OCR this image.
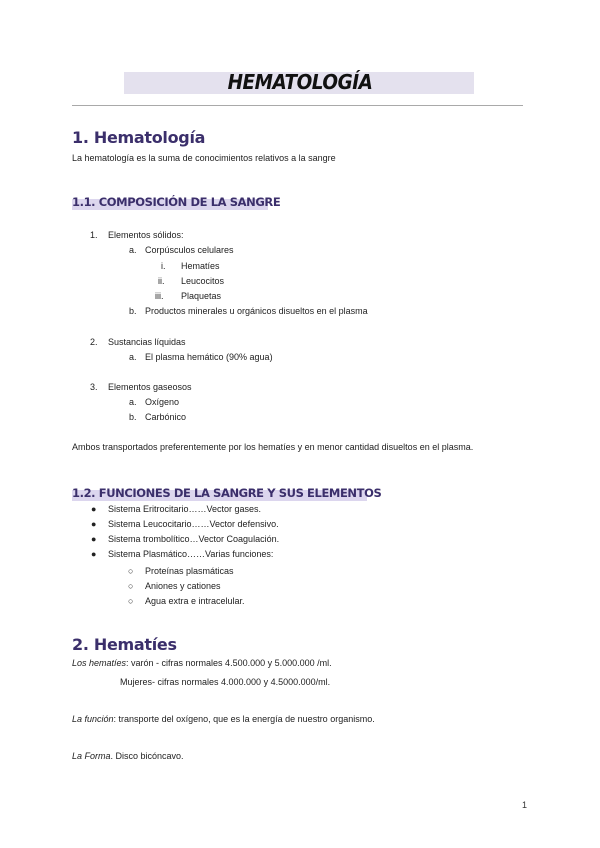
HEMATOLOGÍA
1. Hematología
La hematología es la suma de conocimientos relativos a la sangre
1.1. COMPOSICIÓN DE LA SANGRE
1. Elementos sólidos:
a. Corpúsculos celulares
i. Hematíes
ii. Leucocitos
iii. Plaquetas
b. Productos minerales u orgánicos disueltos en el plasma
2. Sustancias líquidas
a. El plasma hemático (90% agua)
3. Elementos gaseosos
a. Oxígeno
b. Carbónico
Ambos transportados preferentemente por los hematíes y en menor cantidad disueltos en el plasma.
1.2. FUNCIONES DE LA SANGRE Y SUS ELEMENTOS
● Sistema Eritrocitario……Vector gases.
● Sistema Leucocitario……Vector defensivo.
● Sistema trombolítico…Vector Coagulación.
● Sistema Plasmático……Varias funciones:
○ Proteínas plasmáticas
○ Aniones y cationes
○ Agua extra e intracelular.
2. Hematíes
Los hematíes: varón - cifras normales 4.500.000 y 5.000.000 /ml.
Mujeres- cifras normales 4.000.000 y 4.5000.000/ml.
La función: transporte del oxígeno, que es la energía de nuestro organismo.
La Forma. Disco bicóncavo.
1
